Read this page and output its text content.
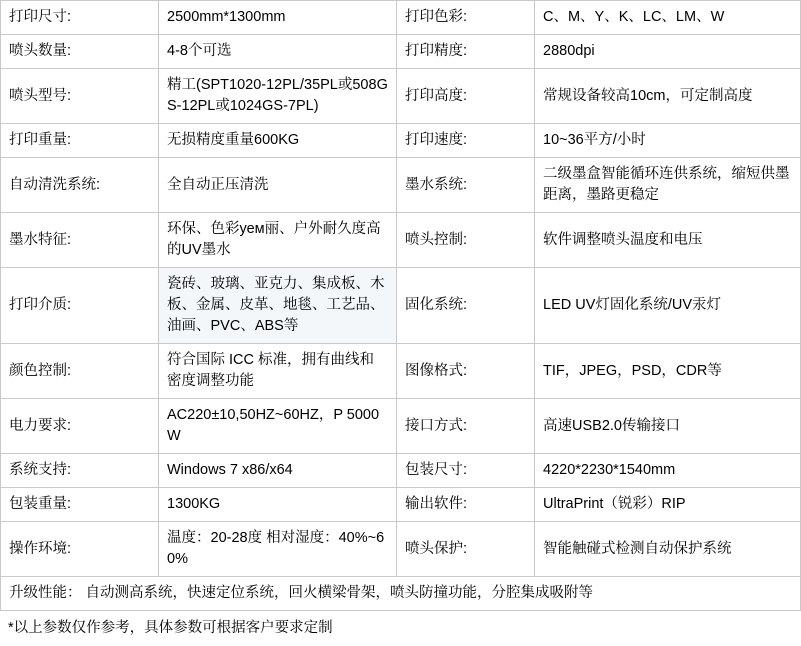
打印尺寸:	2500mm*1300mm	打印色彩:	C、M、Y、K、LC、LM、W
喷头数量:	4-8个可选	打印精度:	2880dpi
喷头型号:	精工(SPT1020-12PL/35PL或508GS-12PL或1024GS-7PL)	打印高度:	常规设备较高10cm，可定制高度
打印重量:	无损精度重量600KG	打印速度:	10~36平方/小时
自动清洗系统:	全自动正压清洗	墨水系统:	二级墨盒智能循环连供系统，缩短供墨距离，墨路更稳定
墨水特征:	环保、色彩уем丽、户外耐久度高的UV墨水	喷头控制:	软件调整喷头温度和电压
打印介质:	瓷砖、玻璃、亚克力、集成板、木板、金属、皮革、地毯、工艺品、油画、PVC、ABS等	固化系统:	LED UV灯固化系统/UV汞灯
颜色控制:	符合国际 ICC 标准，拥有曲线和密度调整功能	图像格式:	TIF，JPEG，PSD，CDR等
电力要求:	AC220±10,50HZ~60HZ，P 5000W	接口方式:	高速USB2.0传输接口
系统支持:	Windows 7 x86/x64	包装尺寸:	4220*2230*1540mm
包装重量:	1300KG	输出软件:	UltraPrint（锐彩）RIP
操作环境:	温度：20-28度 相对湿度：40%~60%	喷头保护:	智能触碰式检测自动保护系统
升级性能： 自动测高系统，快速定位系统，回火横梁骨架，喷头防撞功能，分腔集成吸附等			
*以上参数仅作参考，具体参数可根据客户要求定制
